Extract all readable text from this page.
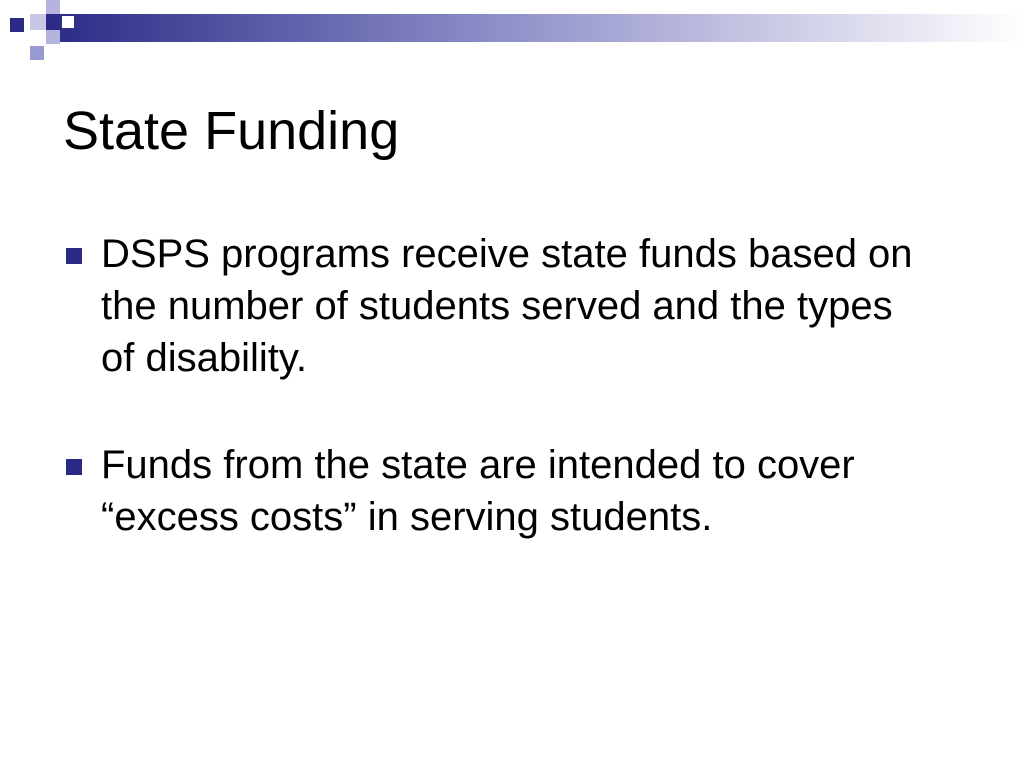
State Funding
DSPS programs receive state funds based on the number of students served and the types of disability.
Funds from the state are intended to cover “excess costs” in serving students.
